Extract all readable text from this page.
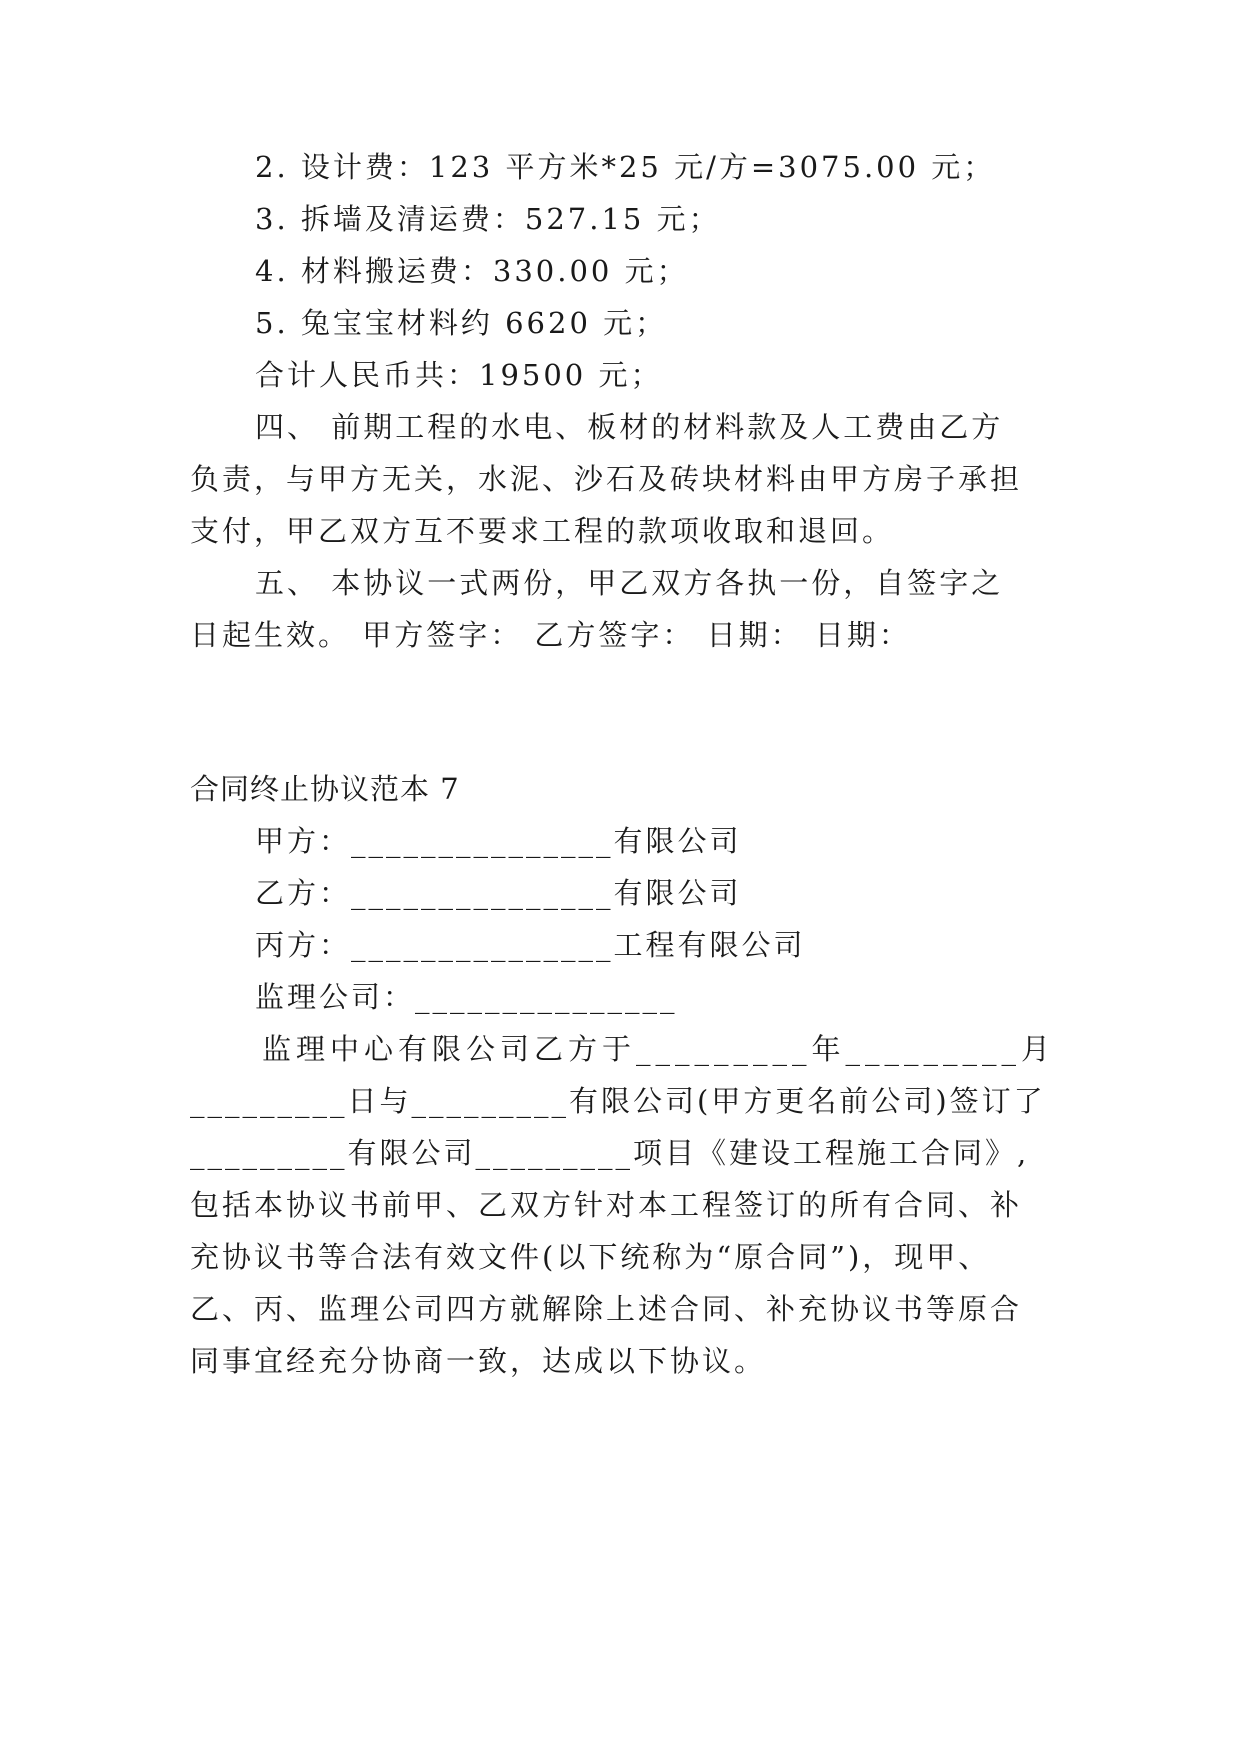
2. 设计费：123 平方米*25 元/方=3075.00 元；
3. 拆墙及清运费：527.15 元；
4. 材料搬运费：330.00 元；
5. 兔宝宝材料约 6620 元；
合计人民币共：19500 元；
四、 前期工程的水电、板材的材料款及人工费由乙方
负责，与甲方无关，水泥、沙石及砖块材料由甲方房子承担
支付，甲乙双方互不要求工程的款项收取和退回。
五、 本协议一式两份，甲乙双方各执一份，自签字之
日起生效。 甲方签字： 乙方签字： 日期： 日期：
合同终止协议范本 7
甲方：_______________有限公司
乙方：_______________有限公司
丙方：_______________工程有限公司
监理公司：_______________
监理中心有限公司乙方于_________年_________月
_________日与_________有限公司(甲方更名前公司)签订了
_________有限公司_________项目《建设工程施工合同》,
包括本协议书前甲、乙双方针对本工程签订的所有合同、补
充协议书等合法有效文件(以下统称为“原合同”)，现甲、
乙、丙、监理公司四方就解除上述合同、补充协议书等原合
同事宜经充分协商一致，达成以下协议。
